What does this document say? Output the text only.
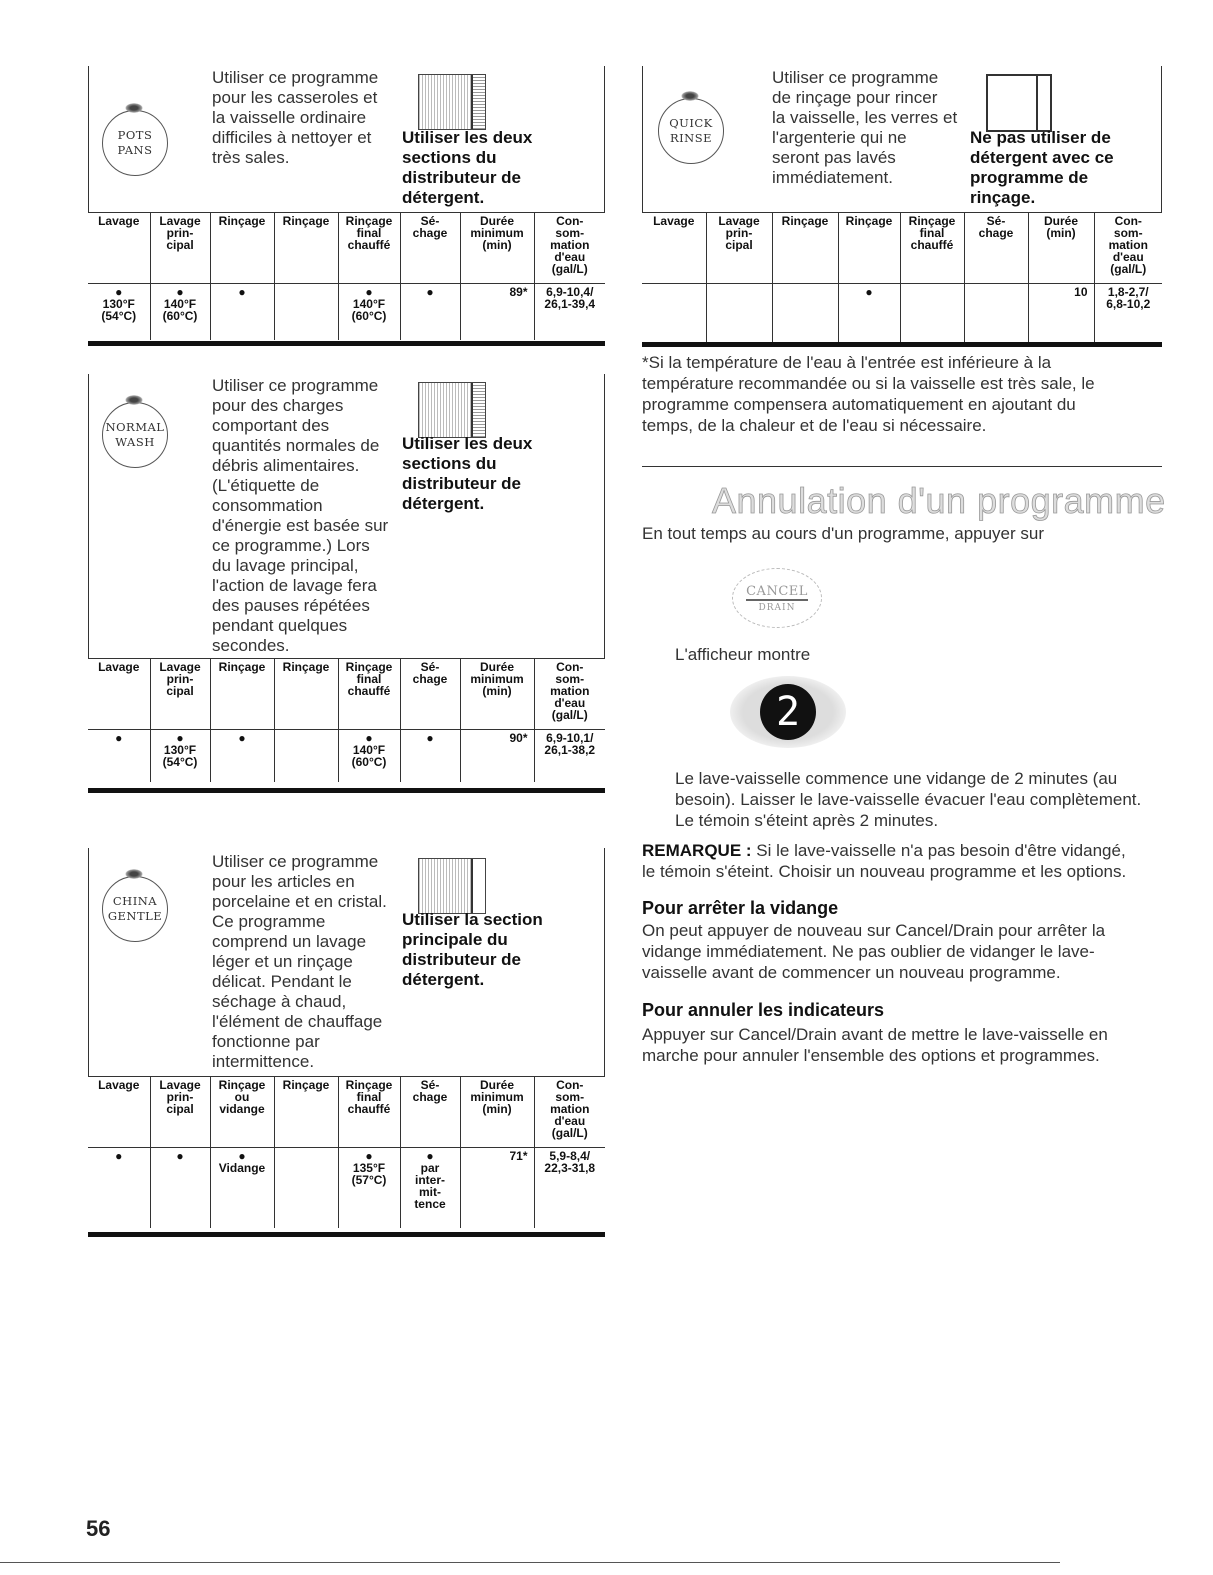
POTS
PANS
Utiliser ce programme
pour les casseroles et
la vaisselle ordinaire
difficiles à nettoyer et
très sales.
Utiliser les deux
sections du
distributeur de
détergent.
Lavage	Lavage
prin-
cipal	Rinçage	Rinçage	Rinçage
final
chauffé	Sé-
chage	Durée
minimum
(min)	Con-
som-
mation
d'eau
(gal/L)
●
130°F
(54°C)	●
140°F
(60°C)	●		●
140°F
(60°C)	●	89*	6,9-10,4/
26,1-39,4
NORMAL
WASH
Utiliser ce programme
pour des charges
comportant des
quantités normales de
débris alimentaires.
(L'étiquette de
consommation
d'énergie est basée sur
ce programme.) Lors
du lavage principal,
l'action de lavage fera
des pauses répétées
pendant quelques
secondes.
Utiliser les deux
sections du
distributeur de
détergent.
Lavage	Lavage
prin-
cipal	Rinçage	Rinçage	Rinçage
final
chauffé	Sé-
chage	Durée
minimum
(min)	Con-
som-
mation
d'eau
(gal/L)
●	●
130°F
(54°C)	●		●
140°F
(60°C)	●	90*	6,9-10,1/
26,1-38,2
CHINA
GENTLE
Utiliser ce programme
pour les articles en
porcelaine et en cristal.
Ce programme
comprend un lavage
léger et un rinçage
délicat. Pendant le
séchage à chaud,
l'élément de chauffage
fonctionne par
intermittence.
Utiliser la section
principale du
distributeur de
détergent.
Lavage	Lavage
prin-
cipal	Rinçage
ou
vidange	Rinçage	Rinçage
final
chauffé	Sé-
chage	Durée
minimum
(min)	Con-
som-
mation
d'eau
(gal/L)
●	●	●
Vidange		●
135°F
(57°C)	●
par
inter-
mit-
tence	71*	5,9-8,4/
22,3-31,8
QUICK
RINSE
Utiliser ce programme
de rinçage pour rincer
la vaisselle, les verres et
l'argenterie qui ne
seront pas lavés
immédiatement.
Ne pas utiliser de
détergent avec ce
programme de
rinçage.
Lavage	Lavage
prin-
cipal	Rinçage	Rinçage	Rinçage
final
chauffé	Sé-
chage	Durée
(min)	Con-
som-
mation
d'eau
(gal/L)
			●			10	1,8-2,7/
6,8-10,2
*Si la température de l'eau à l'entrée est inférieure à la
température recommandée ou si la vaisselle est très sale, le
programme compensera automatiquement en ajoutant du
temps, de la chaleur et de l'eau si nécessaire.
Annulation d'un programme
En tout temps au cours d'un programme, appuyer sur
CANCEL
DRAIN
L'afficheur montre
2
Le lave-vaisselle commence une vidange de 2 minutes (au
besoin). Laisser le lave-vaisselle évacuer l'eau complètement.
Le témoin s'éteint après 2 minutes.
REMARQUE : Si le lave-vaisselle n'a pas besoin d'être vidangé,
le témoin s'éteint. Choisir un nouveau programme et les options.
Pour arrêter la vidange
On peut appuyer de nouveau sur Cancel/Drain pour arrêter la
vidange immédiatement. Ne pas oublier de vidanger le lave-
vaisselle avant de commencer un nouveau programme.
Pour annuler les indicateurs
Appuyer sur Cancel/Drain avant de mettre le lave-vaisselle en
marche pour annuler l'ensemble des options et programmes.
56
